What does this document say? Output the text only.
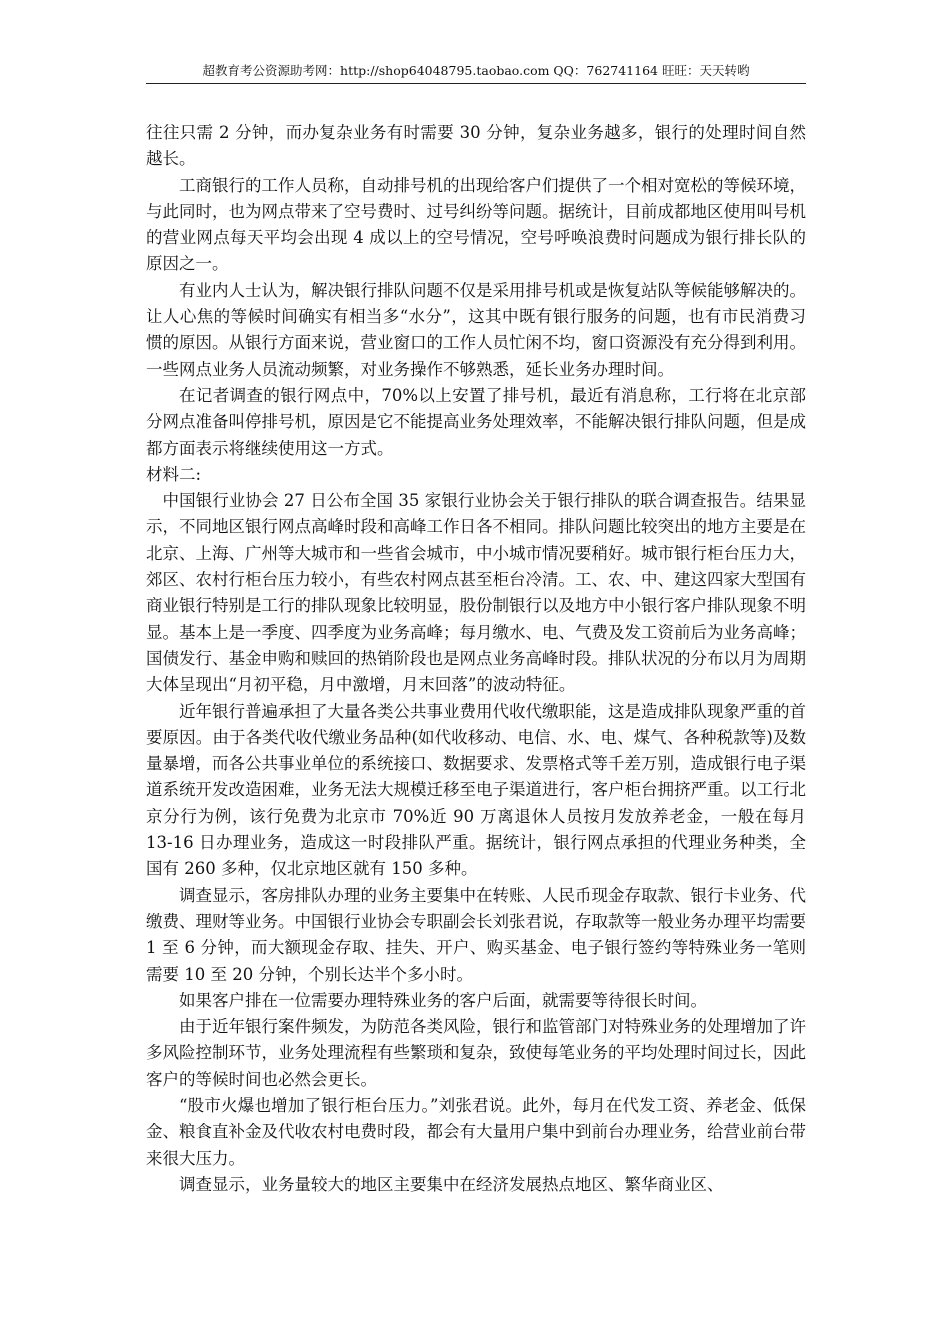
超教育考公资源助考网：http://shop64048795.taobao.com QQ：762741164 旺旺：天天转哟

往往只需 2 分钟，而办复杂业务有时需要 30 分钟，复杂业务越多，银行的处理时间自然越长。

工商银行的工作人员称，自动排号机的出现给客户们提供了一个相对宽松的等候环境，与此同时，也为网点带来了空号费时、过号纠纷等问题。据统计，目前成都地区使用叫号机的营业网点每天平均会出现 4 成以上的空号情况，空号呼唤浪费时问题成为银行排长队的原因之一。

有业内人士认为，解决银行排队问题不仅是采用排号机或是恢复站队等候能够解决的。让人心焦的等候时间确实有相当多“水分”，这其中既有银行服务的问题，也有市民消费习惯的原因。从银行方面来说，营业窗口的工作人员忙闲不均，窗口资源没有充分得到利用。一些网点业务人员流动频繁，对业务操作不够熟悉，延长业务办理时间。

在记者调查的银行网点中，70%以上安置了排号机，最近有消息称，工行将在北京部分网点准备叫停排号机，原因是它不能提高业务处理效率，不能解决银行排队问题，但是成都方面表示将继续使用这一方式。

材料二:

中国银行业协会 27 日公布全国 35 家银行业协会关于银行排队的联合调查报告。结果显示，不同地区银行网点高峰时段和高峰工作日各不相同。排队问题比较突出的地方主要是在北京、上海、广州等大城市和一些省会城市，中小城市情况要稍好。城市银行柜台压力大，郊区、农村行柜台压力较小，有些农村网点甚至柜台冷清。工、农、中、建这四家大型国有商业银行特别是工行的排队现象比较明显，股份制银行以及地方中小银行客户排队现象不明显。基本上是一季度、四季度为业务高峰；每月缴水、电、气费及发工资前后为业务高峰；国债发行、基金申购和赎回的热销阶段也是网点业务高峰时段。排队状况的分布以月为周期大体呈现出“月初平稳，月中激增，月末回落”的波动特征。

近年银行普遍承担了大量各类公共事业费用代收代缴职能，这是造成排队现象严重的首要原因。由于各类代收代缴业务品种(如代收移动、电信、水、电、煤气、各种税款等)及数量暴增，而各公共事业单位的系统接口、数据要求、发票格式等千差万别，造成银行电子渠道系统开发改造困难，业务无法大规模迁移至电子渠道进行，客户柜台拥挤严重。以工行北京分行为例，该行免费为北京市 70%近 90 万离退休人员按月发放养老金，一般在每月 13-16 日办理业务，造成这一时段排队严重。据统计，银行网点承担的代理业务种类，全国有 260 多种，仅北京地区就有 150 多种。

调查显示，客房排队办理的业务主要集中在转账、人民币现金存取款、银行卡业务、代缴费、理财等业务。中国银行业协会专职副会长刘张君说，存取款等一般业务办理平均需要 1 至 6 分钟，而大额现金存取、挂失、开户、购买基金、电子银行签约等特殊业务一笔则需要 10 至 20 分钟，个别长达半个多小时。

如果客户排在一位需要办理特殊业务的客户后面，就需要等待很长时间。

由于近年银行案件频发，为防范各类风险，银行和监管部门对特殊业务的处理增加了许多风险控制环节，业务处理流程有些繁琐和复杂，致使每笔业务的平均处理时间过长，因此客户的等候时间也必然会更长。

“股市火爆也增加了银行柜台压力。”刘张君说。此外，每月在代发工资、养老金、低保金、粮食直补金及代收农村电费时段，都会有大量用户集中到前台办理业务，给营业前台带来很大压力。

调查显示，业务量较大的地区主要集中在经济发展热点地区、繁华商业区、
